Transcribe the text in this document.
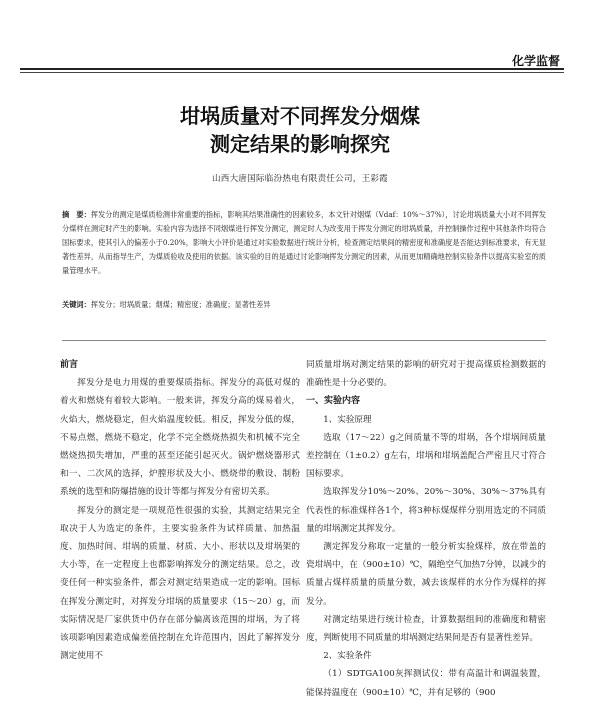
化学监督
坩埚质量对不同挥发分烟煤
测定结果的影响探究
山西大唐国际临汾热电有限责任公司，王彩霞
摘　要：挥发分的测定是煤质检测非常重要的指标，影响其结果准确性的因素较多，本文针对烟煤（Vdaf：10%～37%），讨论坩埚质量大小对不同挥发分煤样在测定时产生的影响。实验内容为选择不同烟煤进行挥发分测定，测定时人为改变用于挥发分测定的坩埚质量，并控制操作过程中其他条件均符合国标要求，使其引入的偏差小于0.20%，影响大小评价是通过对实验数据进行统计分析，检查测定结果间的精密度和准确度是否能达到标准要求，有无显著性差异，从而指导生产，为煤质验收及使用的依据。该实验的目的是通过讨论影响挥发分测定的因素，从而更加精确地控制实验条件以提高实验室的质量管理水平。
关键词：挥发分；坩埚质量；烟煤；精密度；准确度；显著性差异

前言

挥发分是电力用煤的重要煤质指标。挥发分的高低对煤的着火和燃烧有着较大影响。一般来讲，挥发分高的煤易着火，火焰大，燃烧稳定，但火焰温度较低。相反，挥发分低的煤，不易点燃，燃烧不稳定，化学不完全燃烧热损失和机械不完全燃烧热损失增加，严重的甚至还能引起灭火。锅炉燃烧器形式和一、二次风的选择，炉膛形状及大小、燃烧带的敷设、制粉系统的选型和防爆措施的设计等都与挥发分有密切关系。

挥发分的测定是一项规范性很强的实验，其测定结果完全取决于人为选定的条件，主要实验条件为试样质量、加热温度、加热时间、坩埚的质量、材质、大小、形状以及坩埚架的大小等，在一定程度上也都影响挥发分的测定结果。总之，改变任何一种实验条件，都会对测定结果造成一定的影响。国标在挥发分测定时，对挥发分坩埚的质量要求（15～20）g，而实际情况是厂家供货中仍存在部分偏离该范围的坩埚，为了将该项影响因素造成偏差值控制在允许范围内，因此了解挥发分测定使用不

同质量坩埚对测定结果的影响的研究对于提高煤质检测数据的准确性是十分必要的。

一、实验内容

1、实验原理

选取（17～22）g之间质量不等的坩埚，各个坩埚间质量差控制在（1±0.2）g左右，坩埚和坩埚盖配合严密且尺寸符合国标要求。

选取挥发分10%～20%、20%～30%、30%～37%具有代表性的标准煤样各1个，将3种标煤煤样分别用选定的不同质量的坩埚测定其挥发分。

测定挥发分称取一定量的一般分析实验煤样，放在带盖的瓷坩埚中，在（900±10）℃，隔绝空气加热7分钟，以减少的质量占煤样质量的质量分数，减去该煤样的水分作为煤样的挥发分。

对测定结果进行统计检查，计算数据组间的准确度和精密度，判断使用不同质量的坩埚测定结果间是否有显著性差异。

2、实验条件

（1）SDTGA100灰挥测试仪：带有高温计和调温装置，能保持温度在（900±10）℃，并有足够的（900
